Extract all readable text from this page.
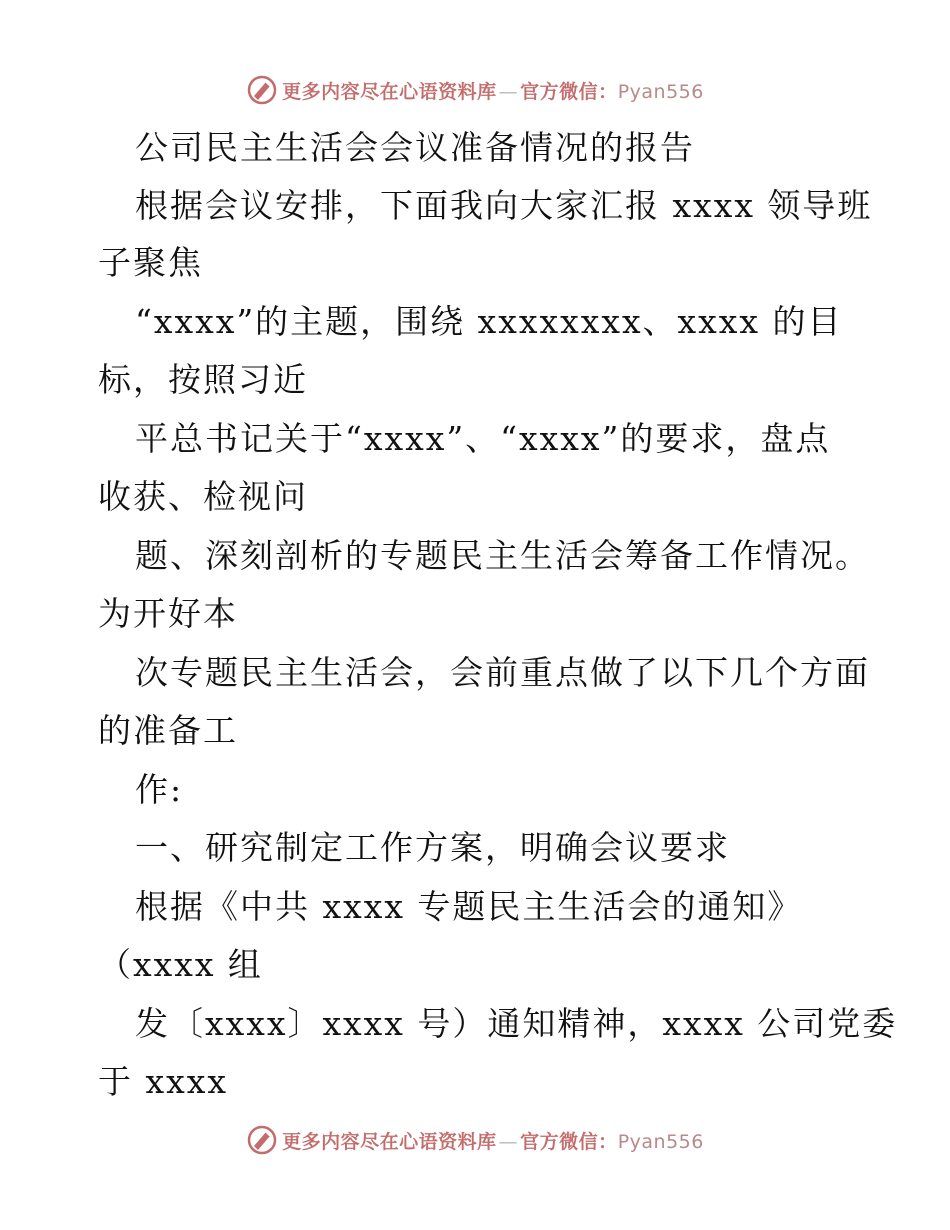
更多内容尽在心语资料库 — 官方微信：Pyan556
公司民主生活会会议准备情况的报告
根据会议安排，下面我向大家汇报 xxxx 领导班
子聚焦
“xxxx”的主题，围绕 xxxxxxxx、xxxx 的目
标，按照习近
平总书记关于“xxxx”、“xxxx”的要求，盘点
收获、检视问
题、深刻剖析的专题民主生活会筹备工作情况。
为开好本
次专题民主生活会，会前重点做了以下几个方面
的准备工
作:
一、研究制定工作方案，明确会议要求
根据《中共 xxxx 专题民主生活会的通知》
（xxxx 组
发〔xxxx〕xxxx 号）通知精神，xxxx 公司党委
于 xxxx
更多内容尽在心语资料库 — 官方微信：Pyan556
